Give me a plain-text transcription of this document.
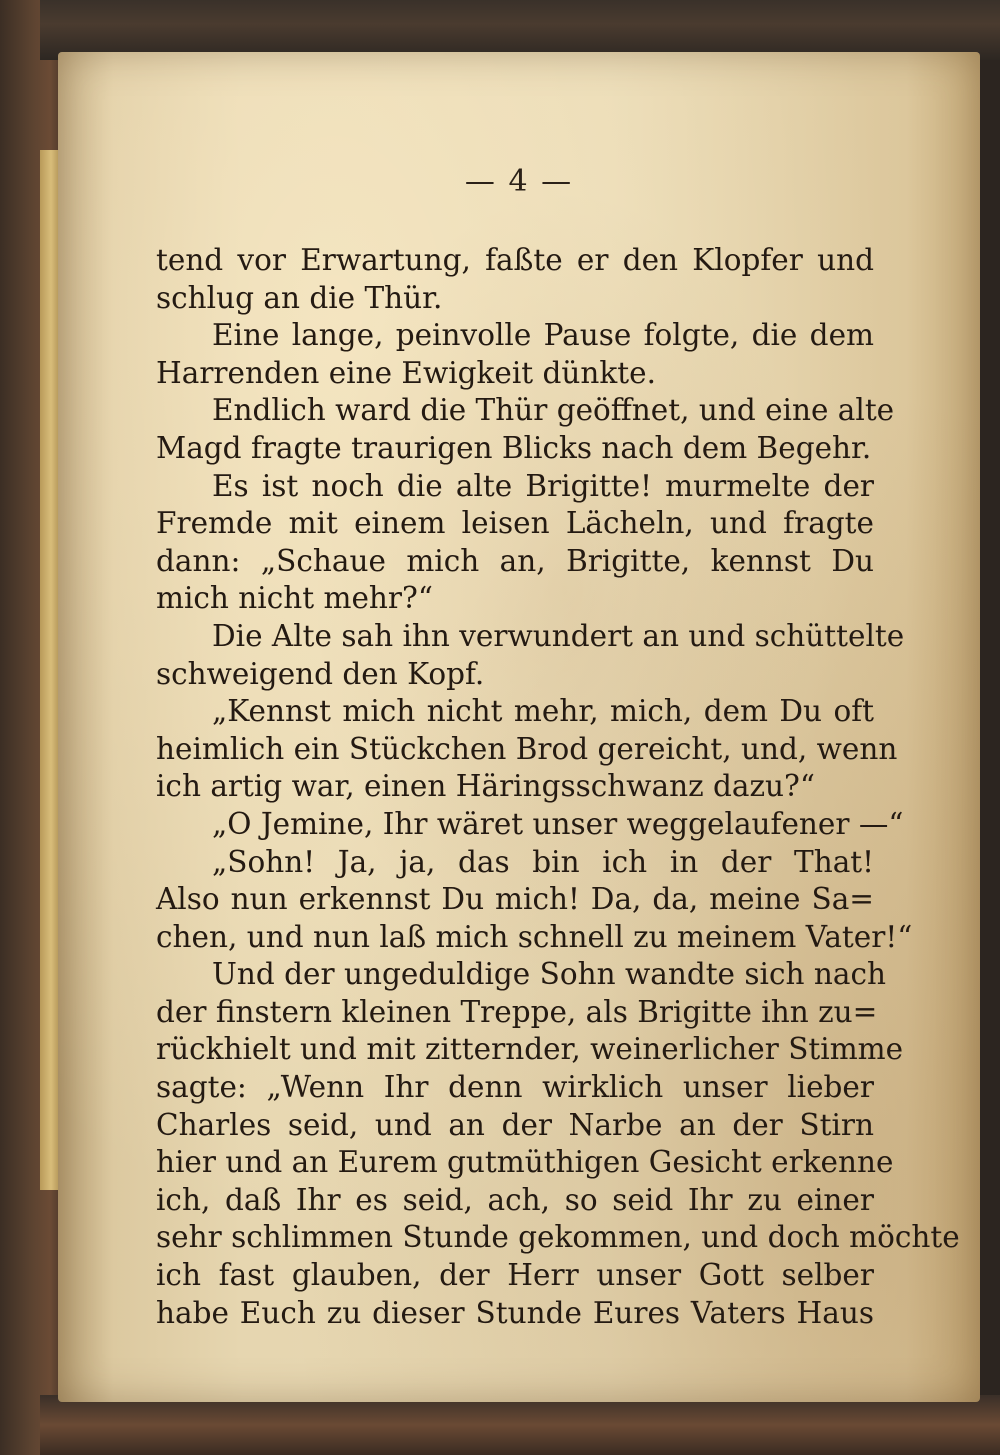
— 4 —
tend vor Erwartung, faßte er den Klopfer und
schlug an die Thür.
Eine lange, peinvolle Pause folgte, die dem
Harrenden eine Ewigkeit dünkte.
Endlich ward die Thür geöffnet, und eine alte
Magd fragte traurigen Blicks nach dem Begehr.
Es ist noch die alte Brigitte! murmelte der
Fremde mit einem leisen Lächeln, und fragte
dann: „Schaue mich an, Brigitte, kennst Du
mich nicht mehr?“
Die Alte sah ihn verwundert an und schüttelte
schweigend den Kopf.
„Kennst mich nicht mehr, mich, dem Du oft
heimlich ein Stückchen Brod gereicht, und, wenn
ich artig war, einen Häringsschwanz dazu?“
„O Jemine, Ihr wäret unser weggelaufener —“
„Sohn! Ja, ja, das bin ich in der That!
Also nun erkennst Du mich! Da, da, meine Sa=
chen, und nun laß mich schnell zu meinem Vater!“
Und der ungeduldige Sohn wandte sich nach
der finstern kleinen Treppe, als Brigitte ihn zu=
rückhielt und mit zitternder, weinerlicher Stimme
sagte: „Wenn Ihr denn wirklich unser lieber
Charles seid, und an der Narbe an der Stirn
hier und an Eurem gutmüthigen Gesicht erkenne
ich, daß Ihr es seid, ach, so seid Ihr zu einer
sehr schlimmen Stunde gekommen, und doch möchte
ich fast glauben, der Herr unser Gott selber
habe Euch zu dieser Stunde Eures Vaters Haus
